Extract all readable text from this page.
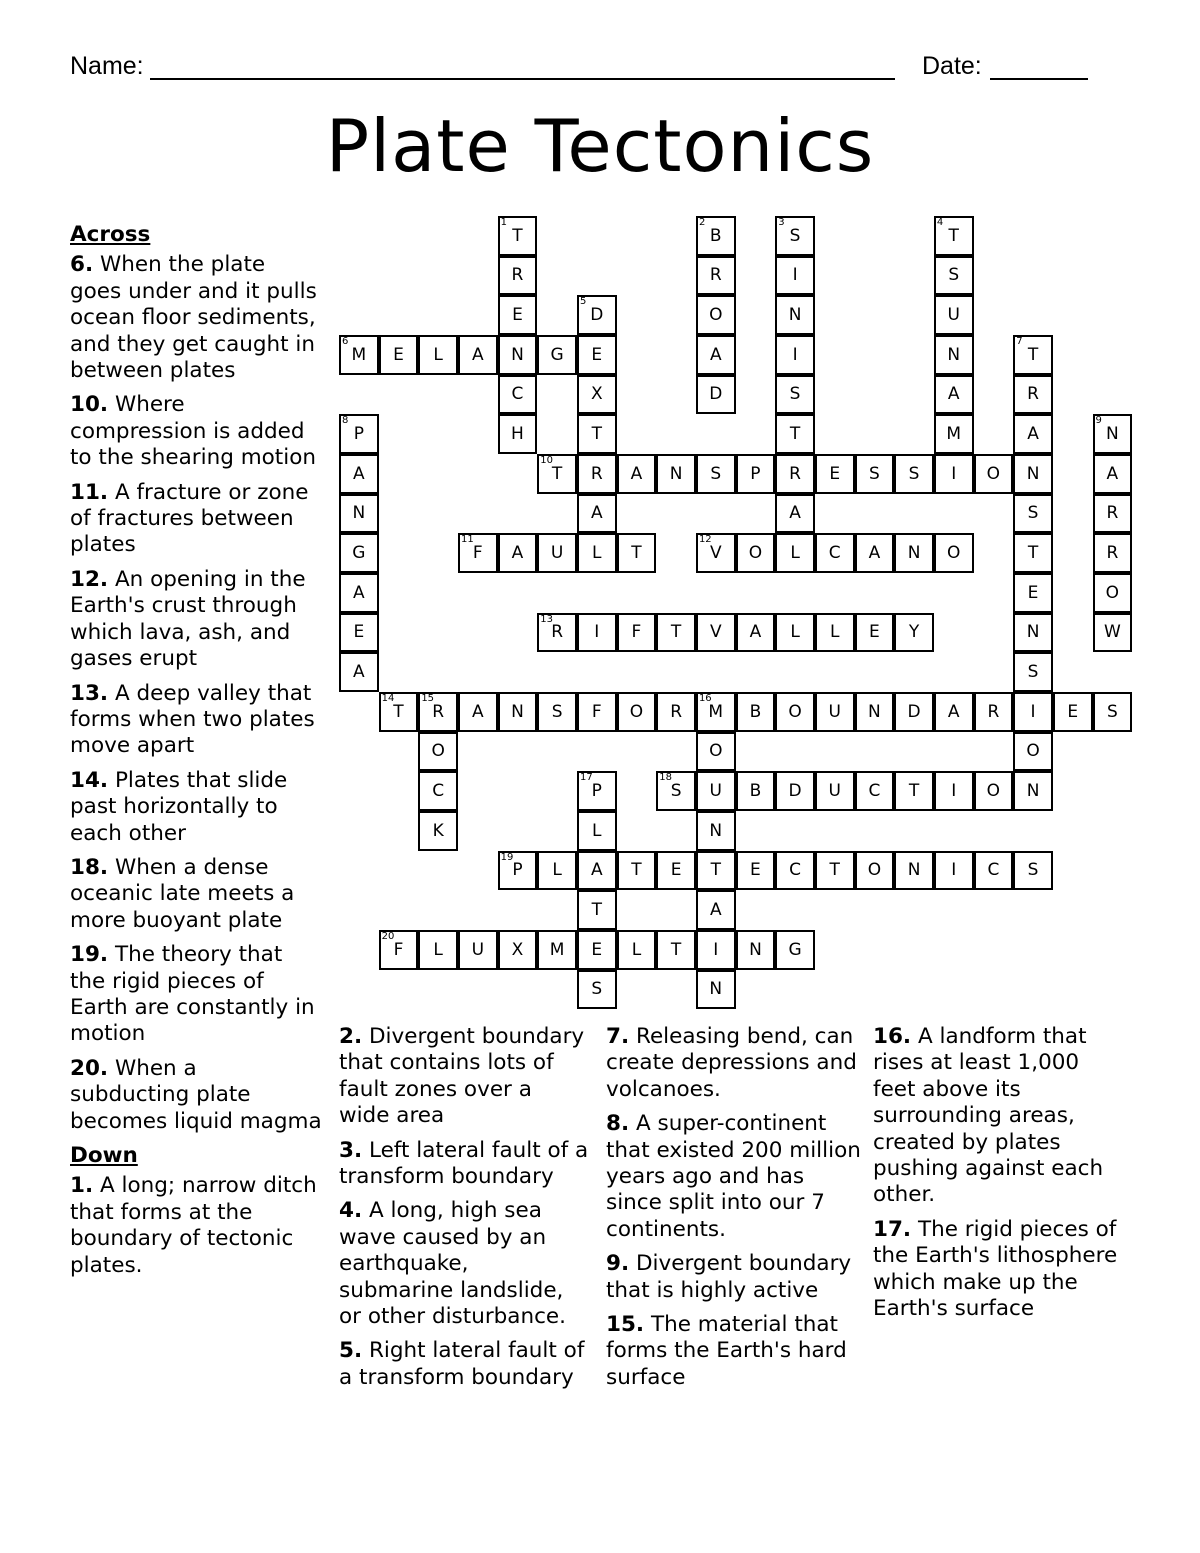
Name:	Date:
Plate Tectonics
1
T
R
E
N
C
H
2
B
R
O
A
D
3
S
I
N
I
S
T
R
A
L
4
T
S
U
N
A
M
I
5
D
E
X
T
R
A
L
6
M	E	L	A	G
7
T
R
A
N
S
T
E
N
S
I
O
N
8
P
A
N
G
A
E
A
9
N
A
R
R
O
W
10
T	A	N	S	P	E	S	S	O
11
F	A	U	T
12
V	O	C	A	N	O
13
R	I	F	T	V	A	L	L	E	Y
14
T
15
R	A	N	S	F	O	R
16
M	B	O	U	N	D	A	R	E	S
O
C
K
O
U
N
T
A
I
N
17
P
L
A
T
E
S
18
S	B	D	U	C	T	I	O
19
P	L	T	E	E	C	T	O	N	I	C	S
20
F	L	U	X	M	L	T	N	G
Across
6. When the plate goes under and it pulls ocean floor sediments, and they get caught in between plates
10. Where compression is added to the shearing motion
11. A fracture or zone of fractures between plates
12. An opening in the Earth's crust through which lava, ash, and gases erupt
13. A deep valley that forms when two plates move apart
14. Plates that slide past horizontally to each other
18. When a dense oceanic late meets a more buoyant plate
19. The theory that the rigid pieces of Earth are constantly in motion
20. When a subducting plate becomes liquid magma
Down
1. A long; narrow ditch that forms at the boundary of tectonic plates.
2. Divergent boundary that contains lots of fault zones over a wide area
3. Left lateral fault of a transform boundary
4. A long, high sea wave caused by an earthquake, submarine landslide, or other disturbance.
5. Right lateral fault of a transform boundary
7. Releasing bend, can create depressions and volcanoes.
8. A super-continent that existed 200 million years ago and has since split into our 7 continents.
9. Divergent boundary that is highly active
15. The material that forms the Earth's hard surface
16. A landform that rises at least 1,000 feet above its surrounding areas, created by plates pushing against each other.
17. The rigid pieces of the Earth's lithosphere which make up the Earth's surface
